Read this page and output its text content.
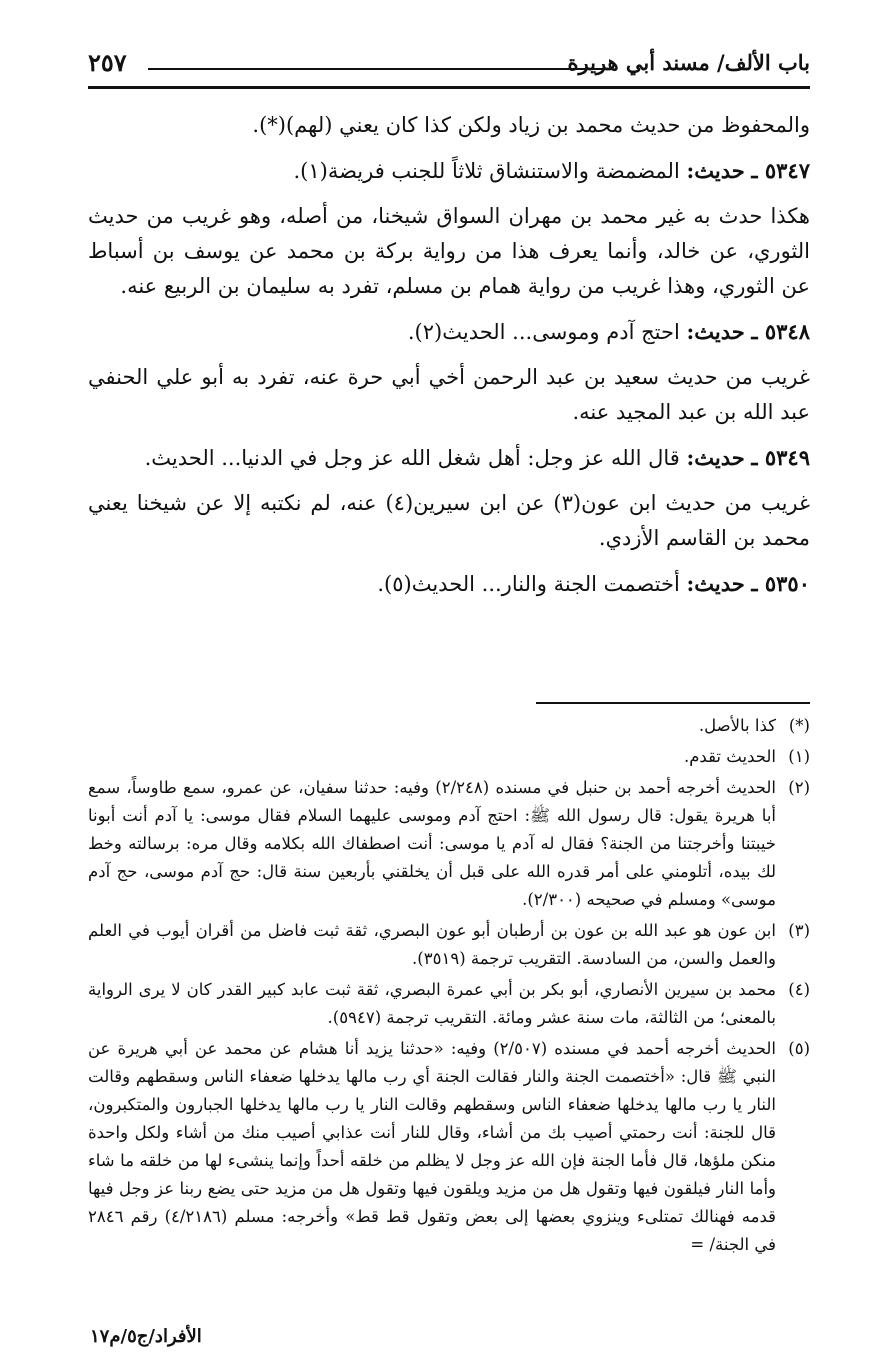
باب الألف/ مسند أبي هريرة
٢٥٧

والمحفوظ من حديث محمد بن زياد ولكن كذا كان يعني (لهم)(*).

٥٣٤٧ ـ حديث: المضمضة والاستنشاق ثلاثاً للجنب فريضة(١).

هكذا حدث به غير محمد بن مهران السواق شيخنا، من أصله، وهو غريب من حديث الثوري، عن خالد، وأنما يعرف هذا من رواية بركة بن محمد عن يوسف بن أسباط عن الثوري، وهذا غريب من رواية همام بن مسلم، تفرد به سليمان بن الربيع عنه.

٥٣٤٨ ـ حديث: احتج آدم وموسى... الحديث(٢).

غريب من حديث سعيد بن عبد الرحمن أخي أبي حرة عنه، تفرد به أبو علي الحنفي عبد الله بن عبد المجيد عنه.

٥٣٤٩ ـ حديث: قال الله عز وجل: أهل شغل الله عز وجل في الدنيا... الحديث.

غريب من حديث ابن عون(٣) عن ابن سيرين(٤) عنه، لم نكتبه إلا عن شيخنا يعني محمد بن القاسم الأزدي.

٥٣٥٠ ـ حديث: أختصمت الجنة والنار... الحديث(٥).

(*)
كذا بالأصل.
(١)
الحديث تقدم.
(٢)
الحديث أخرجه أحمد بن حنبل في مسنده (٢/٢٤٨) وفيه: حدثنا سفيان، عن عمرو، سمع طاوساً، سمع أبا هريرة يقول: قال رسول الله ﷺ: احتج آدم وموسى عليهما السلام فقال موسى: يا آدم أنت أبونا خيبتنا وأخرجتنا من الجنة؟ فقال له آدم يا موسى: أنت اصطفاك الله بكلامه وقال مره: برسالته وخط لك بيده، أتلومني على أمر قدره الله على قبل أن يخلقني بأربعين سنة قال: حج آدم موسى، حج آدم موسى» ومسلم في صحيحه (٢/٣٠٠).
(٣)
ابن عون هو عبد الله بن عون بن أرطبان أبو عون البصري، ثقة ثبت فاضل من أقران أيوب في العلم والعمل والسن، من السادسة. التقريب ترجمة (٣٥١٩).
(٤)
محمد بن سيرين الأنصاري، أبو بكر بن أبي عمرة البصري، ثقة ثبت عابد كبير القدر كان لا يرى الرواية بالمعنى؛ من الثالثة، مات سنة عشر ومائة. التقريب ترجمة (٥٩٤٧).
(٥)
الحديث أخرجه أحمد في مسنده (٢/٥٠٧) وفيه: «حدثنا يزيد أنا هشام عن محمد عن أبي هريرة عن النبي ﷺ قال: «أختصمت الجنة والنار فقالت الجنة أي رب مالها يدخلها ضعفاء الناس وسقطهم وقالت النار يا رب مالها يدخلها ضعفاء الناس وسقطهم وقالت النار يا رب مالها يدخلها الجبارون والمتكبرون، قال للجنة: أنت رحمتي أصيب بك من أشاء، وقال للنار أنت عذابي أصيب منك من أشاء ولكل واحدة منكن ملؤها، قال فأما الجنة فإن الله عز وجل لا يظلم من خلقه أحداً وإنما ينشىء لها من خلقه ما شاء وأما النار فيلقون فيها وتقول هل من مزيد ويلقون فيها وتقول هل من مزيد حتى يضع ربنا عز وجل فيها قدمه فهنالك تمتلىء وينزوي بعضها إلى بعض وتقول قط قط» وأخرجه: مسلم (٤/٢١٨٦) رقم ٢٨٤٦ في الجنة/ =
الأفراد/ج٥/م١٧
